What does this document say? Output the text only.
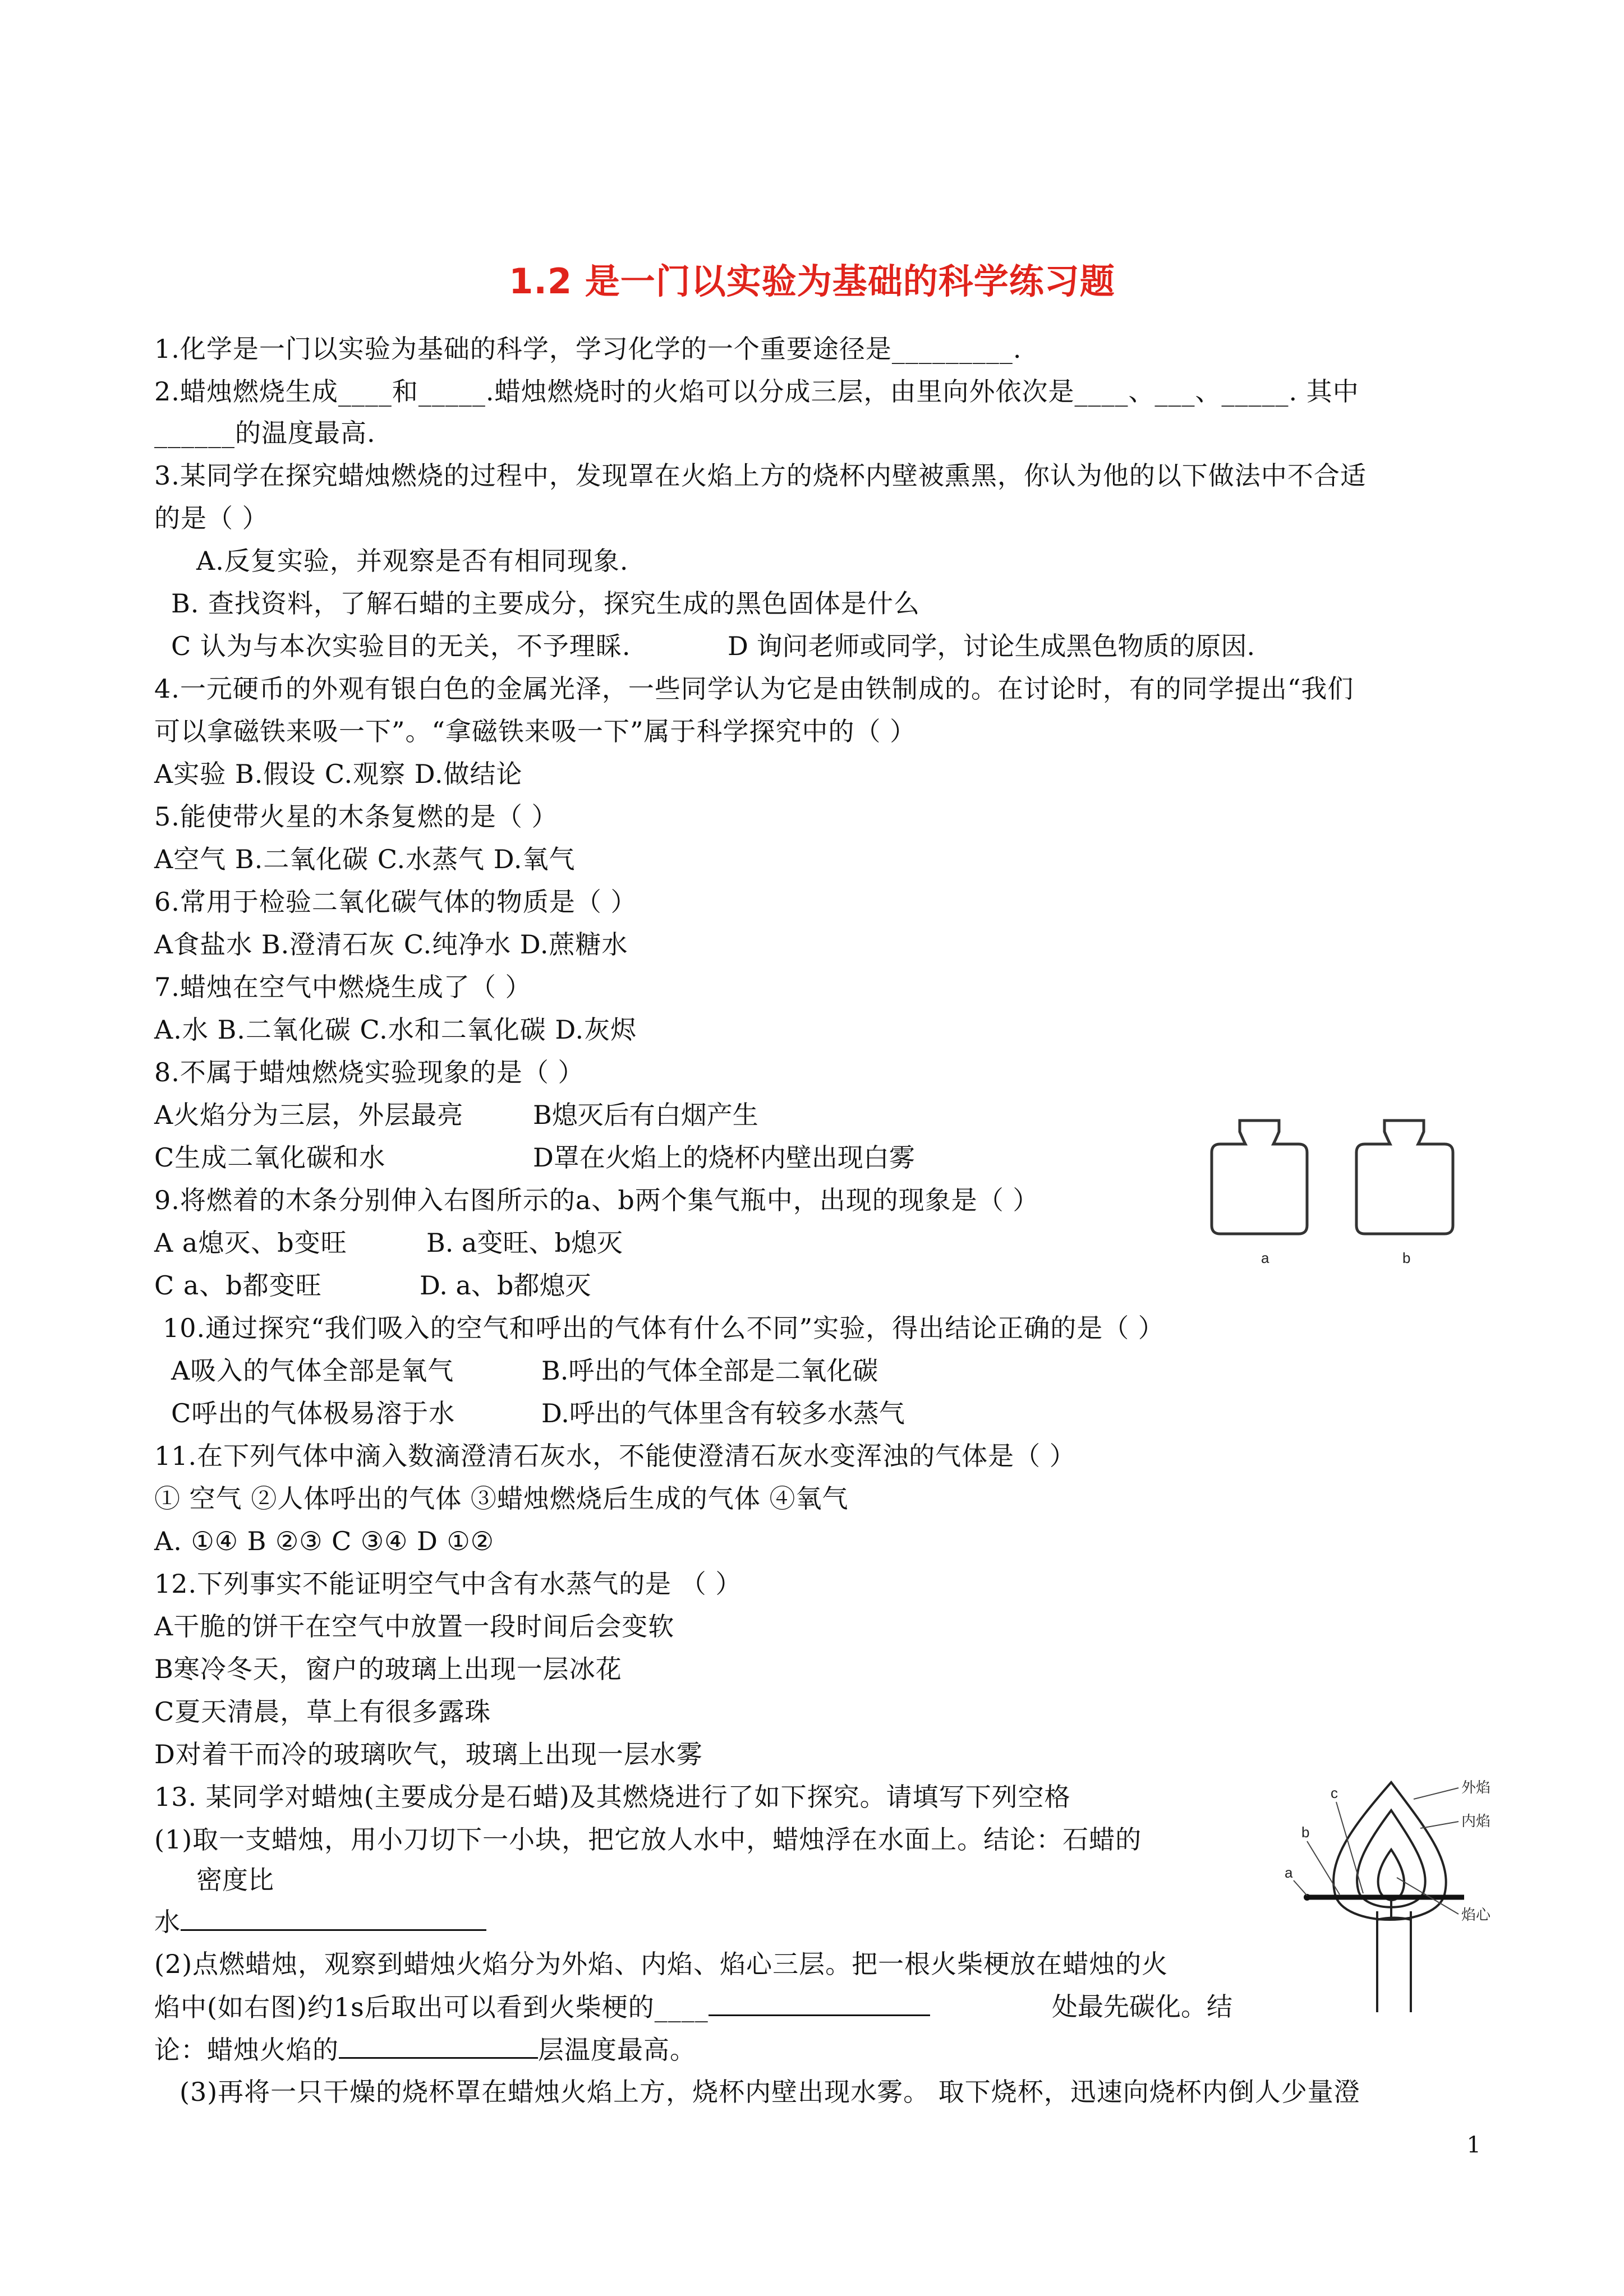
1.2 是一门以实验为基础的科学练习题
1.化学是一门以实验为基础的科学，学习化学的一个重要途径是_________.
2.蜡烛燃烧生成____和_____.蜡烛燃烧时的火焰可以分成三层，由里向外依次是____、___、_____. 其中
______的温度最高.
3.某同学在探究蜡烛燃烧的过程中，发现罩在火焰上方的烧杯内壁被熏黑，你认为他的以下做法中不合适
的是（ ）
A.反复实验，并观察是否有相同现象.
B. 查找资料，了解石蜡的主要成分，探究生成的黑色固体是什么
C 认为与本次实验目的无关，不予理睬.	D 询问老师或同学，讨论生成黑色物质的原因.
4.一元硬币的外观有银白色的金属光泽，一些同学认为它是由铁制成的。在讨论时，有的同学提出“我们
可以拿磁铁来吸一下”。“拿磁铁来吸一下”属于科学探究中的（ ）
A实验 B.假设 C.观察 D.做结论
5.能使带火星的木条复燃的是（ ）
A空气 B.二氧化碳 C.水蒸气 D.氧气
6.常用于检验二氧化碳气体的物质是（ ）
A食盐水 B.澄清石灰 C.纯净水 D.蔗糖水
7.蜡烛在空气中燃烧生成了（ ）
A.水 B.二氧化碳 C.水和二氧化碳 D.灰烬
8.不属于蜡烛燃烧实验现象的是（ ）
A火焰分为三层，外层最亮	B熄灭后有白烟产生
C生成二氧化碳和水	D罩在火焰上的烧杯内壁出现白雾
9.将燃着的木条分别伸入右图所示的a、b两个集气瓶中，出现的现象是（ ）
A a熄灭、b变旺	B. a变旺、b熄灭
C a、b都变旺	D. a、b都熄灭
a	b
10.通过探究“我们吸入的空气和呼出的气体有什么不同”实验，得出结论正确的是（ ）
A吸入的气体全部是氧气	B.呼出的气体全部是二氧化碳
C呼出的气体极易溶于水	D.呼出的气体里含有较多水蒸气
11.在下列气体中滴入数滴澄清石灰水，不能使澄清石灰水变浑浊的气体是（ ）
① 空气 ②人体呼出的气体 ③蜡烛燃烧后生成的气体 ④氧气
A. ①④ B ②③ C ③④ D ①②
12.下列事实不能证明空气中含有水蒸气的是 （ ）
A干脆的饼干在空气中放置一段时间后会变软
B寒冷冬天，窗户的玻璃上出现一层冰花
C夏天清晨，草上有很多露珠
D对着干而冷的玻璃吹气，玻璃上出现一层水雾
13. 某同学对蜡烛(主要成分是石蜡)及其燃烧进行了如下探究。请填写下列空格
(1)取一支蜡烛，用小刀切下一小块，把它放人水中，蜡烛浮在水面上。结论：石蜡的
密度比
水
(2)点燃蜡烛，观察到蜡烛火焰分为外焰、内焰、焰心三层。把一根火柴梗放在蜡烛的火
焰中(如右图)约1s后取出可以看到火柴梗的____	处最先碳化。结
论：蜡烛火焰的	层温度最高。
(3)再将一只干燥的烧杯罩在蜡烛火焰上方，烧杯内壁出现水雾。 取下烧杯，迅速向烧杯内倒人少量澄
外焰
内焰
焰心
a
b
c
1
